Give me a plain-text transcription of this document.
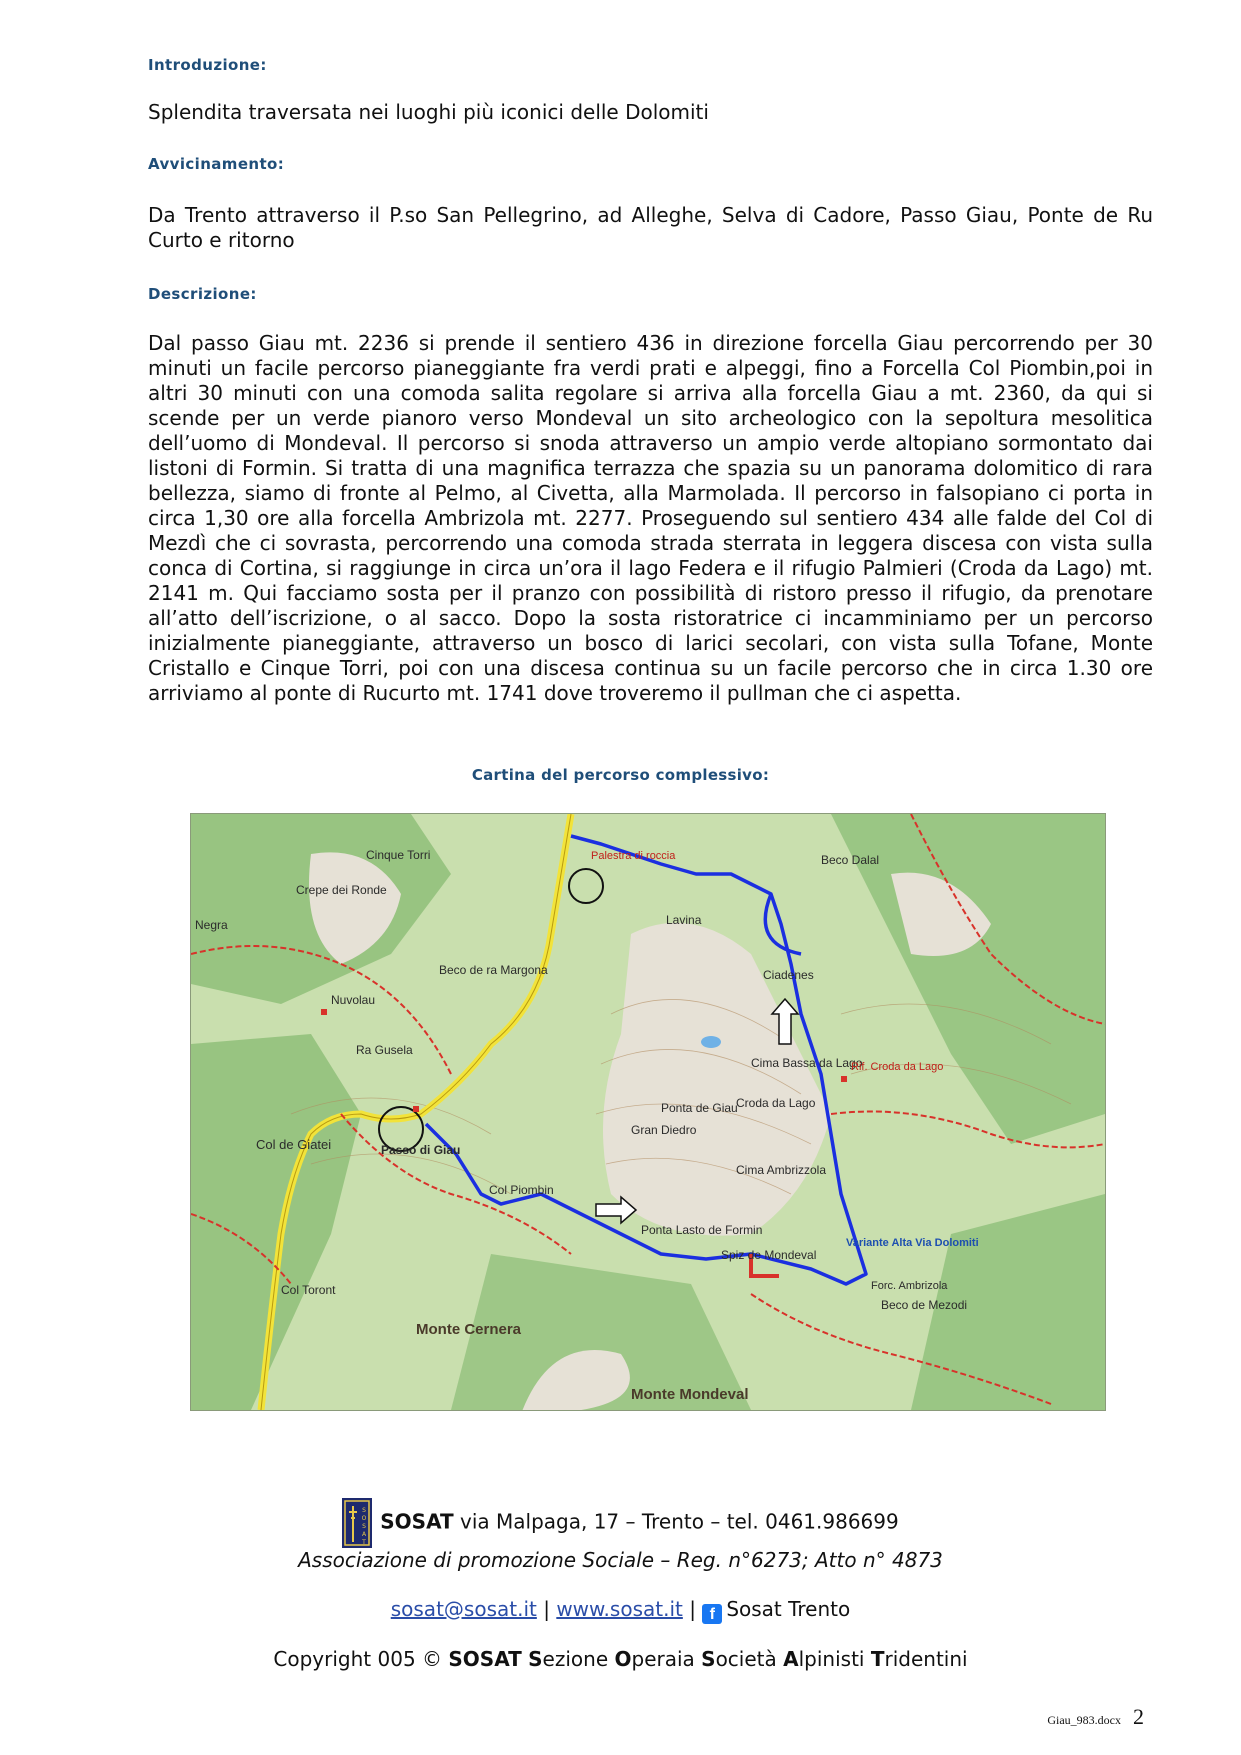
Introduzione:

Splendita traversata nei luoghi più iconici delle Dolomiti

Avvicinamento:

Da Trento attraverso il P.so San Pellegrino, ad Alleghe, Selva di Cadore, Passo Giau, Ponte de Ru Curto e ritorno

Descrizione:

Dal passo Giau mt. 2236 si prende il sentiero 436 in direzione forcella Giau percorrendo per 30 minuti un facile percorso pianeggiante fra verdi prati e alpeggi, fino a Forcella Col Piombin,poi in altri 30 minuti con una comoda salita regolare si arriva alla forcella Giau a mt. 2360, da qui si scende per un verde pianoro verso Mondeval un sito archeologico con la sepoltura mesolitica dell’uomo di Mondeval. Il percorso si snoda attraverso un ampio verde altopiano sormontato dai listoni di Formin. Si tratta di una magnifica terrazza che spazia su un panorama dolomitico di rara bellezza, siamo di fronte al Pelmo, al Civetta, alla Marmolada. Il percorso in falsopiano ci porta in circa 1,30 ore alla forcella Ambrizola mt. 2277. Proseguendo sul sentiero 434 alle falde del Col di Mezdì che ci sovrasta, percorrendo una comoda strada sterrata in leggera discesa con vista sulla conca di Cortina, si raggiunge in circa un’ora il lago Federa e il rifugio Palmieri (Croda da Lago) mt. 2141 m. Qui facciamo sosta per il pranzo con possibilità di ristoro presso il rifugio, da prenotare all’atto dell’iscrizione, o al sacco. Dopo la sosta ristoratrice ci incamminiamo per un percorso inizialmente pianeggiante, attraverso un bosco di larici secolari, con vista sulla Tofane, Monte Cristallo e Cinque Torri, poi con una discesa continua su un facile percorso che in circa 1.30 ore arriviamo al ponte di Rucurto mt. 1741 dove troveremo il pullman che ci aspetta.

Cartina del percorso complessivo:
Cinque Torri
Crepe dei Ronde
Negra
Beco de ra Margona
Nuvolau
Ra Gusela
Col de Giatei
Col Piombin
Ponta de Giau
Gran Diedro
Ponta Lasto de Formin
Spiz de Mondeval
Cima Ambrizzola
Croda da Lago
Cima Bassa da Lago
Ciadenes
Beco Dalal
Lavina
Beco de Mezodi
Monte Cernera
Monte Mondeval
Col Toront
Rif. Croda da Lago
Variante Alta Via Dolomiti
Forc. Ambrizola
Palestra di roccia
Passo di Giau
S
O
S
A
T
SOSAT via Malpaga, 17 – Trento – tel. 0461.986699
Associazione di promozione Sociale – Reg. n°6273; Atto n° 4873
sosat@sosat.it | www.sosat.it | f Sosat Trento
Copyright 005 © SOSAT Sezione Operaia Società Alpinisti Tridentini
Giau_983.docx 2
